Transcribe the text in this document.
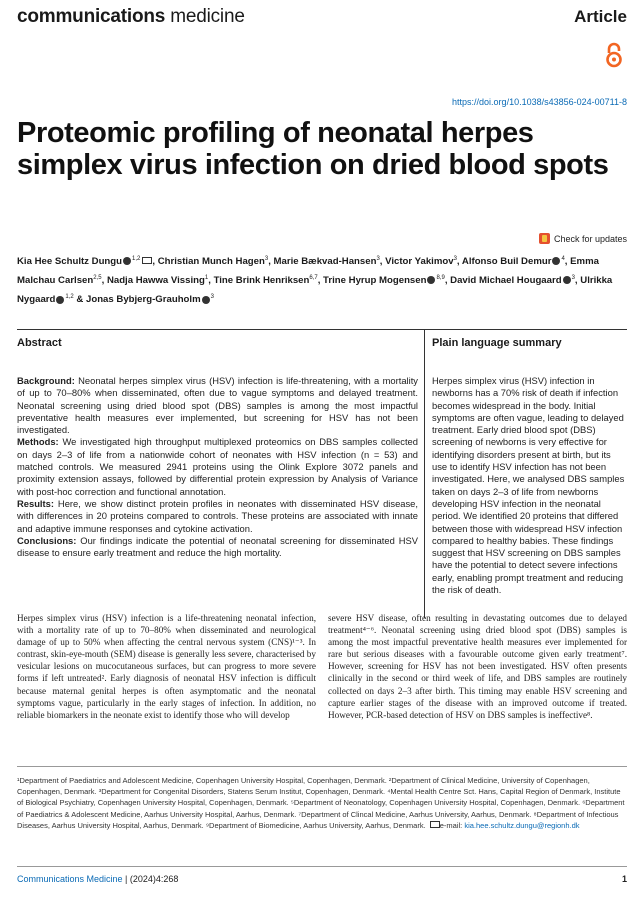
communications medicine	Article
https://doi.org/10.1038/s43856-024-00711-8
Proteomic profiling of neonatal herpes simplex virus infection on dried blood spots
Check for updates
Kia Hee Schultz Dungu $^{1,2}$ , Christian Munch Hagen$^3$, Marie Bækvad-Hansen$^3$, Victor Yakimov$^3$, Alfonso Buil Demur $^4$, Emma Malchau Carlsen$^{2,5}$, Nadja Hawwa Vissing$^1$, Tine Brink Henriksen$^{6,7}$, Trine Hyrup Mogensen $^{8,9}$, David Michael Hougaard $^3$, Ulrikka Nygaard $^{1,2}$ & Jonas Bybjerg-Grauholm $^3$
Abstract	Plain language summary

Background: Neonatal herpes simplex virus (HSV) infection is life-threatening, with a mortality of up to 70–80% when disseminated, often due to vague symptoms and delayed treatment. Neonatal screening using dried blood spot (DBS) samples is among the most impactful preventative health measures ever implemented, but screening for HSV has not been investigated.

Methods: We investigated high throughput multiplexed proteomics on DBS samples collected on days 2–3 of life from a nationwide cohort of neonates with HSV infection (n = 53) and matched controls. We measured 2941 proteins using the Olink Explore 3072 panels and proximity extension assays, followed by differential protein expression by Analysis of Variance with post-hoc correction and functional annotation.

Results: Here, we show distinct protein profiles in neonates with disseminated HSV disease, with differences in 20 proteins compared to controls. These proteins are associated with innate and adaptive immune responses and cytokine activation.

Conclusions: Our findings indicate the potential of neonatal screening for disseminated HSV disease to ensure early treatment and reduce the high mortality.

Herpes simplex virus (HSV) infection in newborns has a 70% risk of death if infection becomes widespread in the body. Initial symptoms are often vague, leading to delayed treatment. Early dried blood spot (DBS) screening of newborns is very effective for identifying disorders present at birth, but its use to identify HSV infection has not been investigated. Here, we analysed DBS samples taken on days 2–3 of life from newborns developing HSV infection in the neonatal period. We identified 20 proteins that differed between those with widespread HSV infection compared to healthy babies. These findings suggest that HSV screening on DBS samples have the potential to detect severe infections early, enabling prompt treatment and reducing the risk of death.
Herpes simplex virus (HSV) infection is a life-threatening neonatal infection, with a mortality rate of up to 70–80% when disseminated and neurological damage of up to 50% when affecting the central nervous system (CNS)¹⁻³. In contrast, skin-eye-mouth (SEM) disease is generally less severe, characterised by vesicular lesions on mucocutaneous surfaces, but can progress to more severe forms if left untreated². Early diagnosis of neonatal HSV infection is difficult because maternal genital herpes is often asymptomatic and the neonatal symptoms vague, particularly in the early stages of infection. In addition, no reliable biomarkers in the neonate exist to identify those who will develop
severe HSV disease, often resulting in devastating outcomes due to delayed treatment⁴⁻⁶. Neonatal screening using dried blood spot (DBS) samples is among the most impactful preventative health measures ever implemented for rare but serious diseases with a favourable outcome given early treatment⁷. However, screening for HSV has not been investigated. HSV often presents clinically in the second or third week of life, and DBS samples are routinely collected on days 2–3 after birth. This timing may enable HSV screening and capture earlier stages of the disease with an improved outcome if treated. However, PCR-based detection of HSV on DBS samples is ineffective⁸.
¹Department of Paediatrics and Adolescent Medicine, Copenhagen University Hospital, Copenhagen, Denmark. ²Department of Clinical Medicine, University of Copenhagen, Copenhagen, Denmark. ³Department for Congenital Disorders, Statens Serum Institut, Copenhagen, Denmark. ⁴Mental Health Centre Sct. Hans, Capital Region of Denmark, Institute of Biological Psychiatry, Copenhagen University Hospital, Copenhagen, Denmark. ⁵Department of Neonatology, Copenhagen University Hospital, Copenhagen, Denmark. ⁶Department of Paediatrics & Adolescent Medicine, Aarhus University Hospital, Aarhus, Denmark. ⁷Department of Clincal Medicine, Aarhus University, Aarhus, Denmark. ⁸Department of Infectious Diseases, Aarhus University Hospital, Aarhus, Denmark. ⁹Department of Biomedicine, Aarhus University, Aarhus, Denmark. e-mail: kia.hee.schultz.dungu@regionh.dk
Communications Medicine | (2024)4:268	1
